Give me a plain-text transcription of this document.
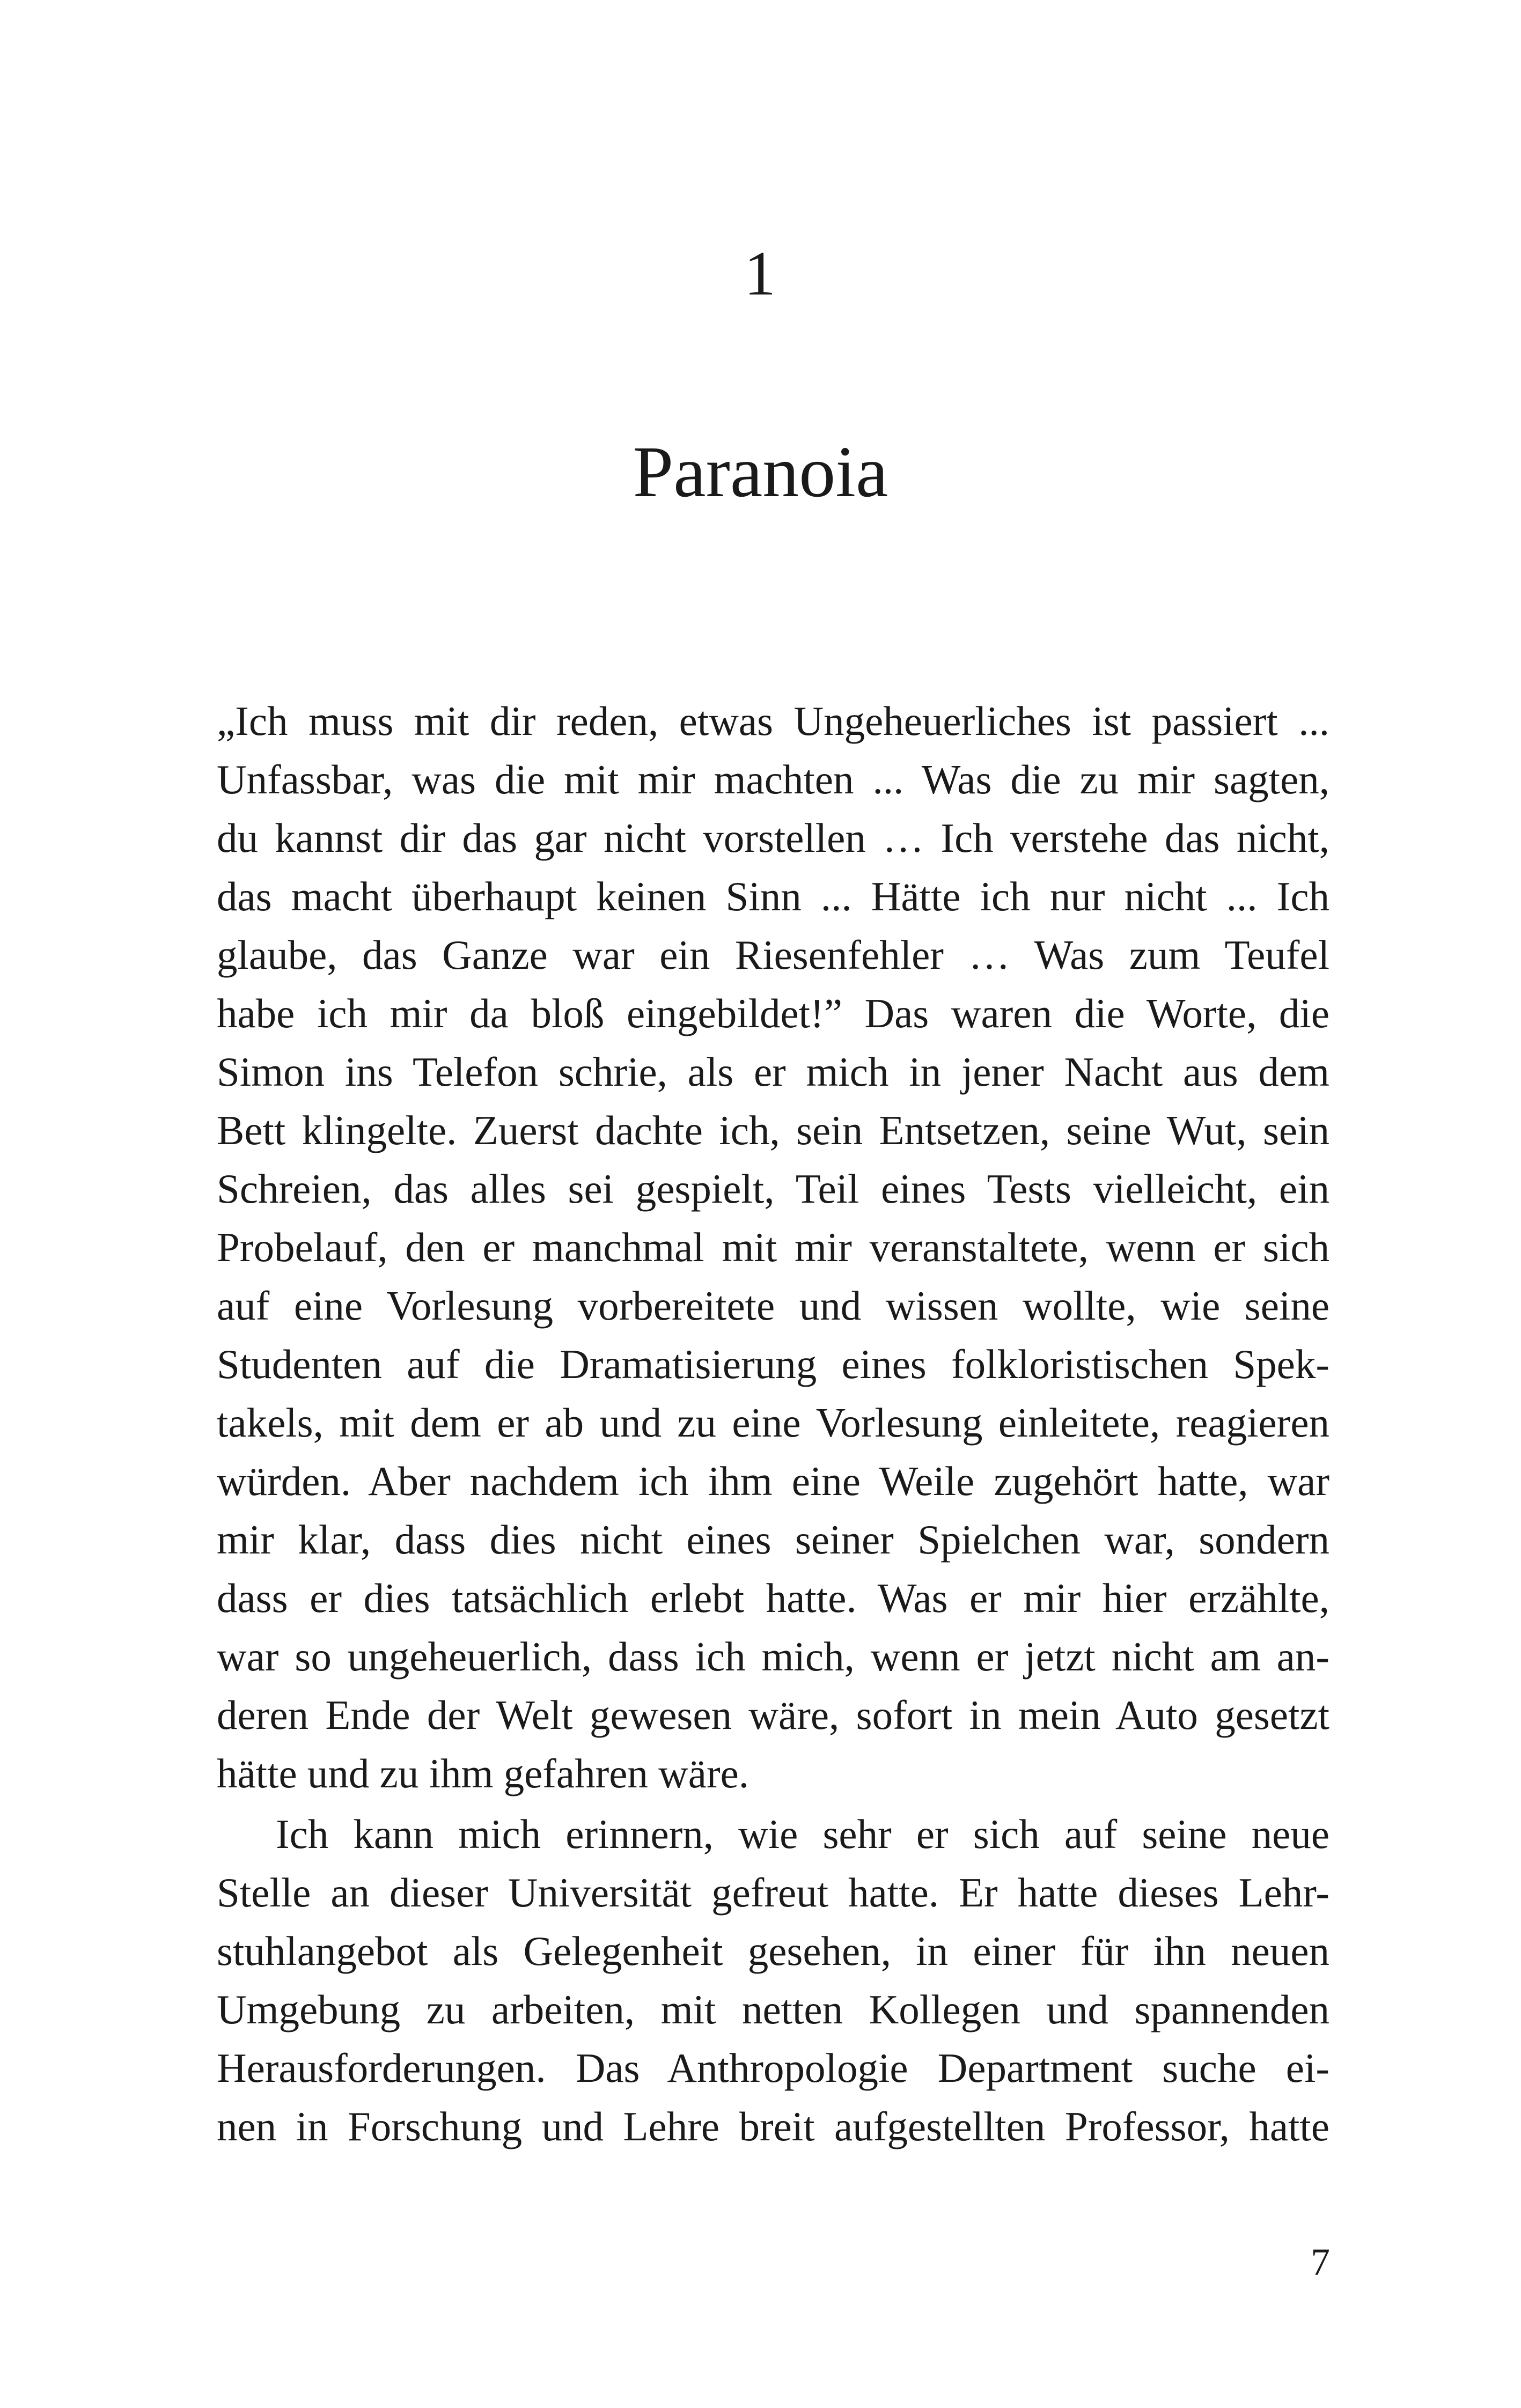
1
Paranoia
„Ich muss mit dir reden, etwas Ungeheuerliches ist passiert ...
Unfassbar, was die mit mir machten ... Was die zu mir sagten,
du kannst dir das gar nicht vorstellen … Ich verstehe das nicht,
das macht überhaupt keinen Sinn ... Hätte ich nur nicht ... Ich
glaube, das Ganze war ein Riesenfehler … Was zum Teufel
habe ich mir da bloß eingebildet!” Das waren die Worte, die
Simon ins Telefon schrie, als er mich in jener Nacht aus dem
Bett klingelte. Zuerst dachte ich, sein Entsetzen, seine Wut, sein
Schreien, das alles sei gespielt, Teil eines Tests vielleicht, ein
Probelauf, den er manchmal mit mir veranstaltete, wenn er sich
auf eine Vorlesung vorbereitete und wissen wollte, wie seine
Studenten auf die Dramatisierung eines folkloristischen Spek-
takels, mit dem er ab und zu eine Vorlesung einleitete, reagieren
würden. Aber nachdem ich ihm eine Weile zugehört hatte, war
mir klar, dass dies nicht eines seiner Spielchen war, sondern
dass er dies tatsächlich erlebt hatte. Was er mir hier erzählte,
war so ungeheuerlich, dass ich mich, wenn er jetzt nicht am an-
deren Ende der Welt gewesen wäre, sofort in mein Auto gesetzt
hätte und zu ihm gefahren wäre.
Ich kann mich erinnern, wie sehr er sich auf seine neue
Stelle an dieser Universität gefreut hatte. Er hatte dieses Lehr-
stuhlangebot als Gelegenheit gesehen, in einer für ihn neuen
Umgebung zu arbeiten, mit netten Kollegen und spannenden
Herausforderungen. Das Anthropologie Department suche ei-
nen in Forschung und Lehre breit aufgestellten Professor, hatte
7
